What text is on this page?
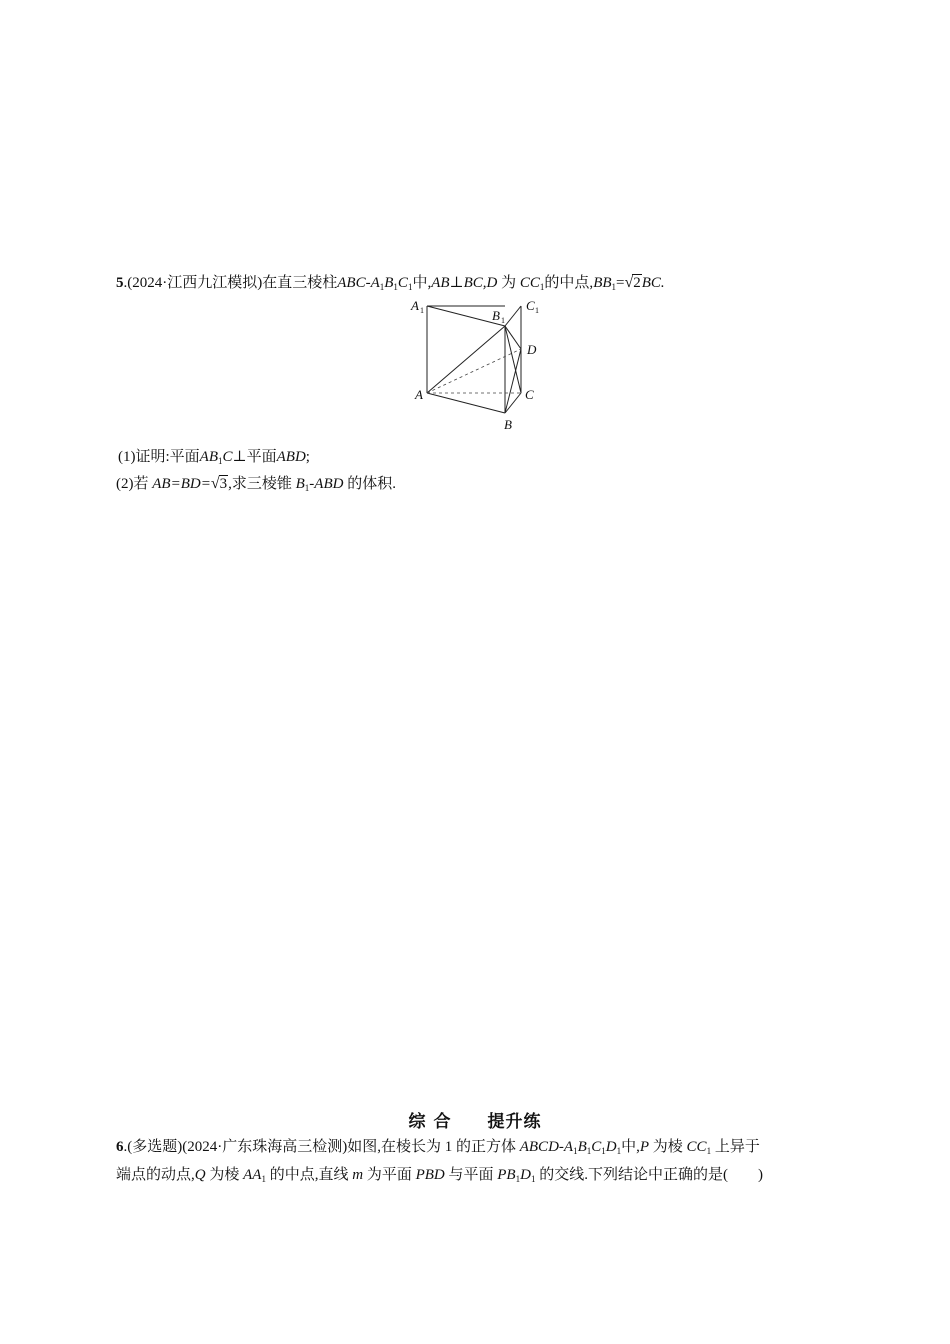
5.(2024·江西九江模拟)在直三棱柱ABC-$A_1B_1C_1$中,AB⊥BC,D 为 $CC_1$的中点$,BB_1=√2BC$.
A 1	B 1
C 1
D
A	C
B
(1)证明:平面$AB_1C\perp$平面ABD;
(2)若 AB=BD=√3,求三棱锥 $B_1$-ABD 的体积.
综 合 提升练
6.(多选题)(2024·广东珠海高三检测)如图,在棱长为 1 的正方体 ABCD-$A_1B_1C_1D_1$中,P 为棱 $CC_1$ 上异于
端点的动点,Q 为棱 $AA_1$ 的中点,直线 m 为平面 PBD 与平面 $PB_1D_1$ 的交线.下列结论中正确的是( )
